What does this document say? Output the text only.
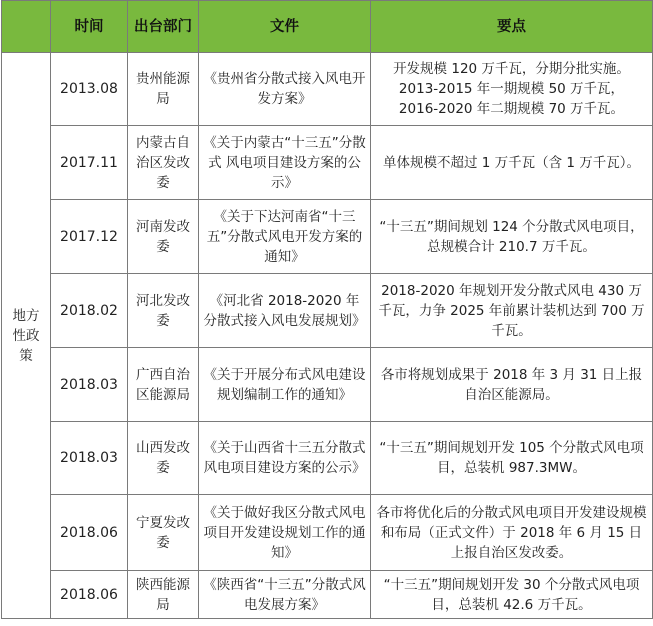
	时间	出台部门	文件	要点
地方性政策	2013.08	贵州能源局	《贵州省分散式接入风电开发方案》	开发规模 120 万千瓦，分期分批实施。
2013-2015 年一期规模 50 万千瓦，
2016-2020 年二期规模 70 万千瓦。

	2017.11	内蒙古自治区发改委	《关于内蒙古“十三五”分散式 风电项目建设方案的公示》	单体规模不超过 1 万千瓦（含 1 万千瓦）。
	2017.12	河南发改委	《关于下达河南省“十三五”分散式风电开发方案的通知》	“十三五”期间规划 124 个分散式风电项目，总规模合计 210.7 万千瓦。
	2018.02	河北发改委	《河北省 2018-2020 年分散式接入风电发展规划》	2018-2020 年规划开发分散式风电 430 万千瓦，力争 2025 年前累计装机达到 700 万千瓦。
	2018.03	广西自治区能源局	《关于开展分布式风电建设规划编制工作的通知》	各市将规划成果于 2018 年 3 月 31 日上报自治区能源局。
	2018.03	山西发改委	《关于山西省十三五分散式风电项目建设方案的公示》	“十三五”期间规划开发 105 个分散式风电项目，总装机 987.3MW。
	2018.06	宁夏发改委	《关于做好我区分散式风电项目开发建设规划工作的通知》	各市将优化后的分散式风电项目开发建设规模和布局（正式文件）于 2018 年 6 月 15 日上报自治区发改委。
	2018.06	陕西能源局	《陕西省“十三五”分散式风电发展方案》	“十三五”期间规划开发 30 个分散式风电项目，总装机 42.6 万千瓦。
